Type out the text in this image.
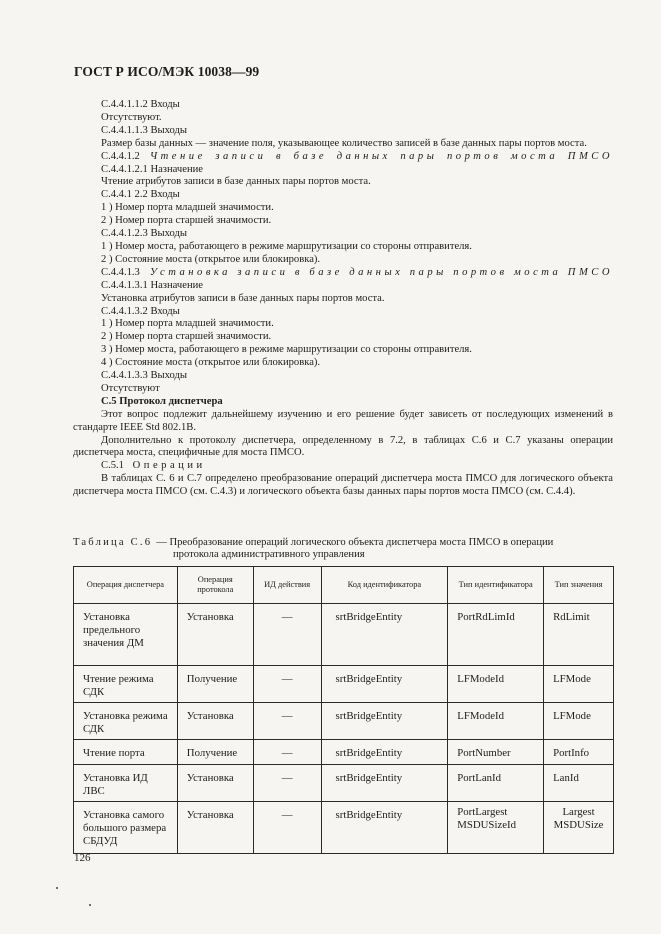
ГОСТ Р ИСО/МЭК 10038—99

С.4.4.1.1.2 Входы

Отсутствуют.

С.4.4.1.1.3 Выходы

Размер базы данных — значение поля, указывающее количество записей в базе данных пары портов моста.

С.4.4.1.2 Чтение записи в базе данных пары портов моста ПМСО

С.4.4.1.2.1 Назначение

Чтение атрибутов записи в базе данных пары портов моста.

С.4.4.1 2.2 Входы

1 ) Номер порта младшей значимости.

2 ) Номер порта старшей значимости.

С.4.4.1.2.3 Выходы

1 ) Номер моста, работающего в режиме маршрутизации со стороны отправителя.

2 ) Состояние моста (открытое или блокировка).

С.4.4.1.3 Установка записи в базе данных пары портов моста ПМСО

С.4.4.1.3.1 Назначение

Установка атрибутов записи в базе данных пары портов моста.

С.4.4.1.3.2 Входы

1 ) Номер порта младшей значимости.

2 ) Номер порта старшей значимости.

3 ) Номер моста, работающего в режиме маршрутизации со стороны отправителя.

4 ) Состояние моста (открытое или блокировка).

С.4.4.1.3.3 Выходы

Отсутствуют

С.5 Протокол диспетчера

Этот вопрос подлежит дальнейшему изучению и его решение будет зависеть от последующих изменений в стандарте IEEE Std 802.1В.

Дополнительно к протоколу диспетчера, определенному в 7.2, в таблицах С.6 и С.7 указаны операции диспетчера моста, специфичные для моста ПМСО.

С.5.1 Операции

В таблицах С. 6 и С.7 определено преобразование операций диспетчера моста ПМСО для логического объекта диспетчера моста ПМСО (см. С.4.3) и логического объекта базы данных пары портов моста ПМСО (см. С.4.4).

Таблица С.6 — Преобразование операций логического объекта диспетчера моста ПМСО в операции
протокола административного управления
Операция диспетчера	Операция протокола	ИД действия	Код идентификатора	Тип идентификатора	Тип значения
Установка предельного значения ДМ	Установка	—	srtBridgeEntity	PortRdLimId	RdLimit
Чтение режима СДК	Получение	—	srtBridgeEntity	LFModeId	LFMode
Установка режима СДК	Установка	—	srtBridgeEntity	LFModeId	LFMode
Чтение порта	Получение	—	srtBridgeEntity	PortNumber	PortInfo
Установка ИД ЛВС	Установка	—	srtBridgeEntity	PortLanId	LanId
Установка самого большого размера СБДУД	Установка	—	srtBridgeEntity	PortLargest MSDUSizeId	Largest MSDUSize
126
